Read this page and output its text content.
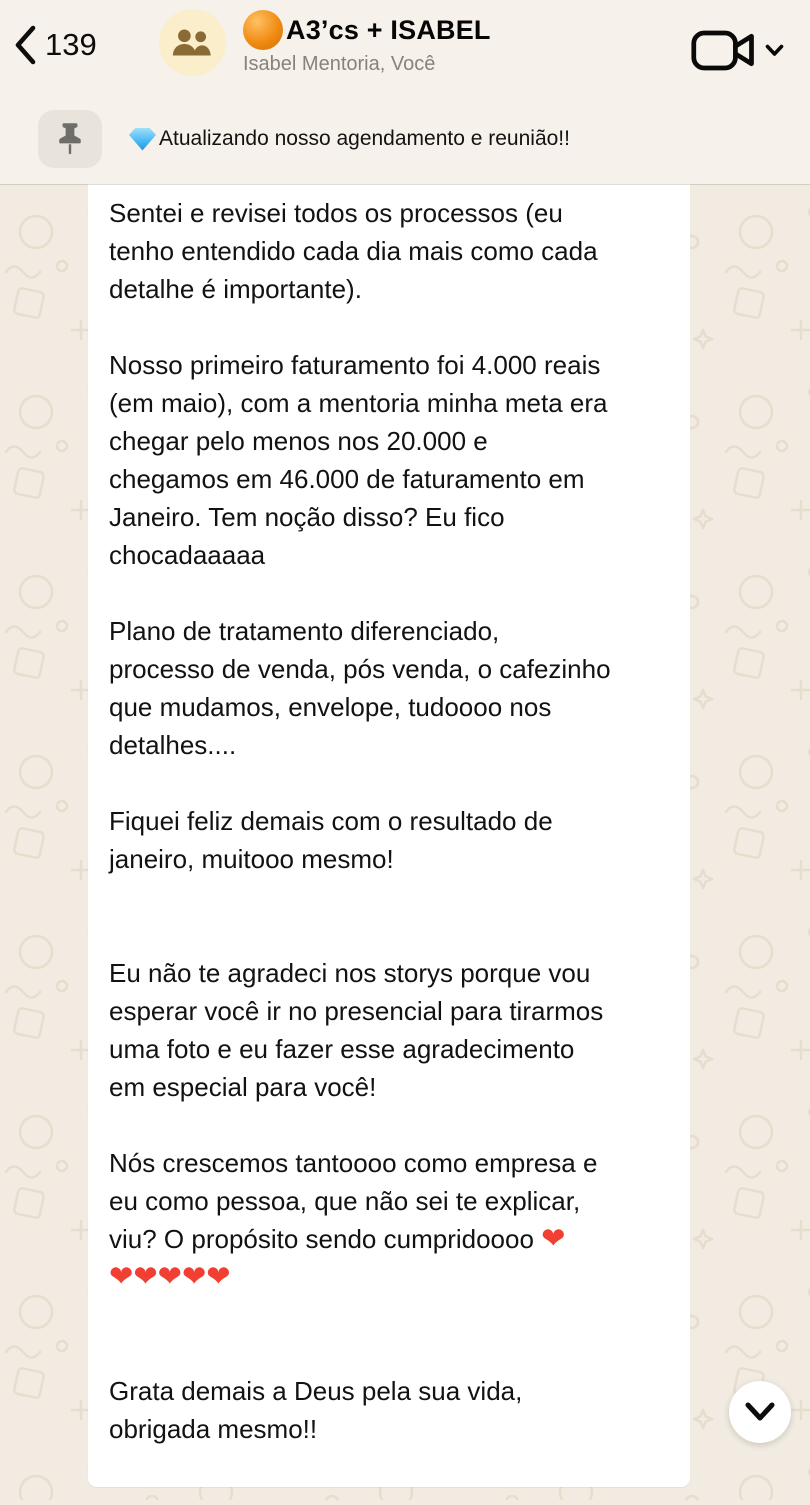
139	A3’cs + ISABEL
Isabel Mentoria, Você
Atualizando nosso agendamento e reunião!!
Sentei e revisei todos os processos (eu
tenho entendido cada dia mais como cada
detalhe é importante).

Nosso primeiro faturamento foi 4.000 reais
(em maio), com a mentoria minha meta era
chegar pelo menos nos 20.000 e
chegamos em 46.000 de faturamento em
Janeiro. Tem noção disso? Eu fico
chocadaaaaa

Plano de tratamento diferenciado,
processo de venda, pós venda, o cafezinho
que mudamos, envelope, tudoooo nos
detalhes....

Fiquei feliz demais com o resultado de
janeiro, muitooo mesmo!

Eu não te agradeci nos storys porque vou
esperar você ir no presencial para tirarmos
uma foto e eu fazer esse agradecimento
em especial para você!

Nós crescemos tantoooo como empresa e
eu como pessoa, que não sei te explicar,
viu? O propósito sendo cumpridoooo ❤
❤❤❤❤❤

Grata demais a Deus pela sua vida,
obrigada mesmo!!
